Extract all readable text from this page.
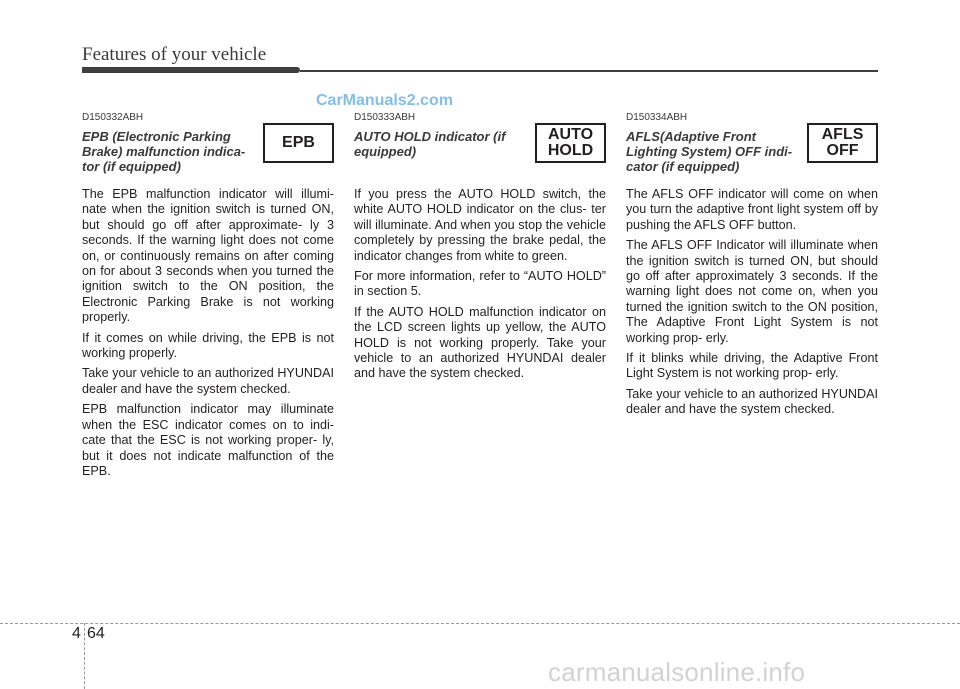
Features of your vehicle
CarManuals2.com
D150332ABH
EPB (Electronic Parking Brake) malfunction indica- tor (if equipped)
EPB

The EPB malfunction indicator will illumi- nate when the ignition switch is turned ON, but should go off after approximate- ly 3 seconds. If the warning light does not come on, or continuously remains on after coming on for about 3 seconds when you turned the ignition switch to the ON position, the Electronic Parking Brake is not working properly.

If it comes on while driving, the EPB is not working properly.

Take your vehicle to an authorized HYUNDAI dealer and have the system checked.

EPB malfunction indicator may illuminate when the ESC indicator comes on to indi- cate that the ESC is not working proper- ly, but it does not indicate malfunction of the EPB.

D150333ABH
AUTO HOLD indicator (if equipped)
AUTO
HOLD

If you press the AUTO HOLD switch, the white AUTO HOLD indicator on the clus- ter will illuminate. And when you stop the vehicle completely by pressing the brake pedal, the indicator changes from white to green.

For more information, refer to “AUTO HOLD” in section 5.

If the AUTO HOLD malfunction indicator on the LCD screen lights up yellow, the AUTO HOLD is not working properly. Take your vehicle to an authorized HYUNDAI dealer and have the system checked.

D150334ABH
AFLS(Adaptive Front Lighting System) OFF indi- cator (if equipped)
AFLS
OFF

The AFLS OFF indicator will come on when you turn the adaptive front light system off by pushing the AFLS OFF button.

The AFLS OFF Indicator will illuminate when the ignition switch is turned ON, but should go off after approximately 3 seconds. If the warning light does not come on, when you turned the ignition switch to the ON position, The Adaptive Front Light System is not working prop- erly.

If it blinks while driving, the Adaptive Front Light System is not working prop- erly.

Take your vehicle to an authorized HYUNDAI dealer and have the system checked.

4 64
carmanualsonline.info
